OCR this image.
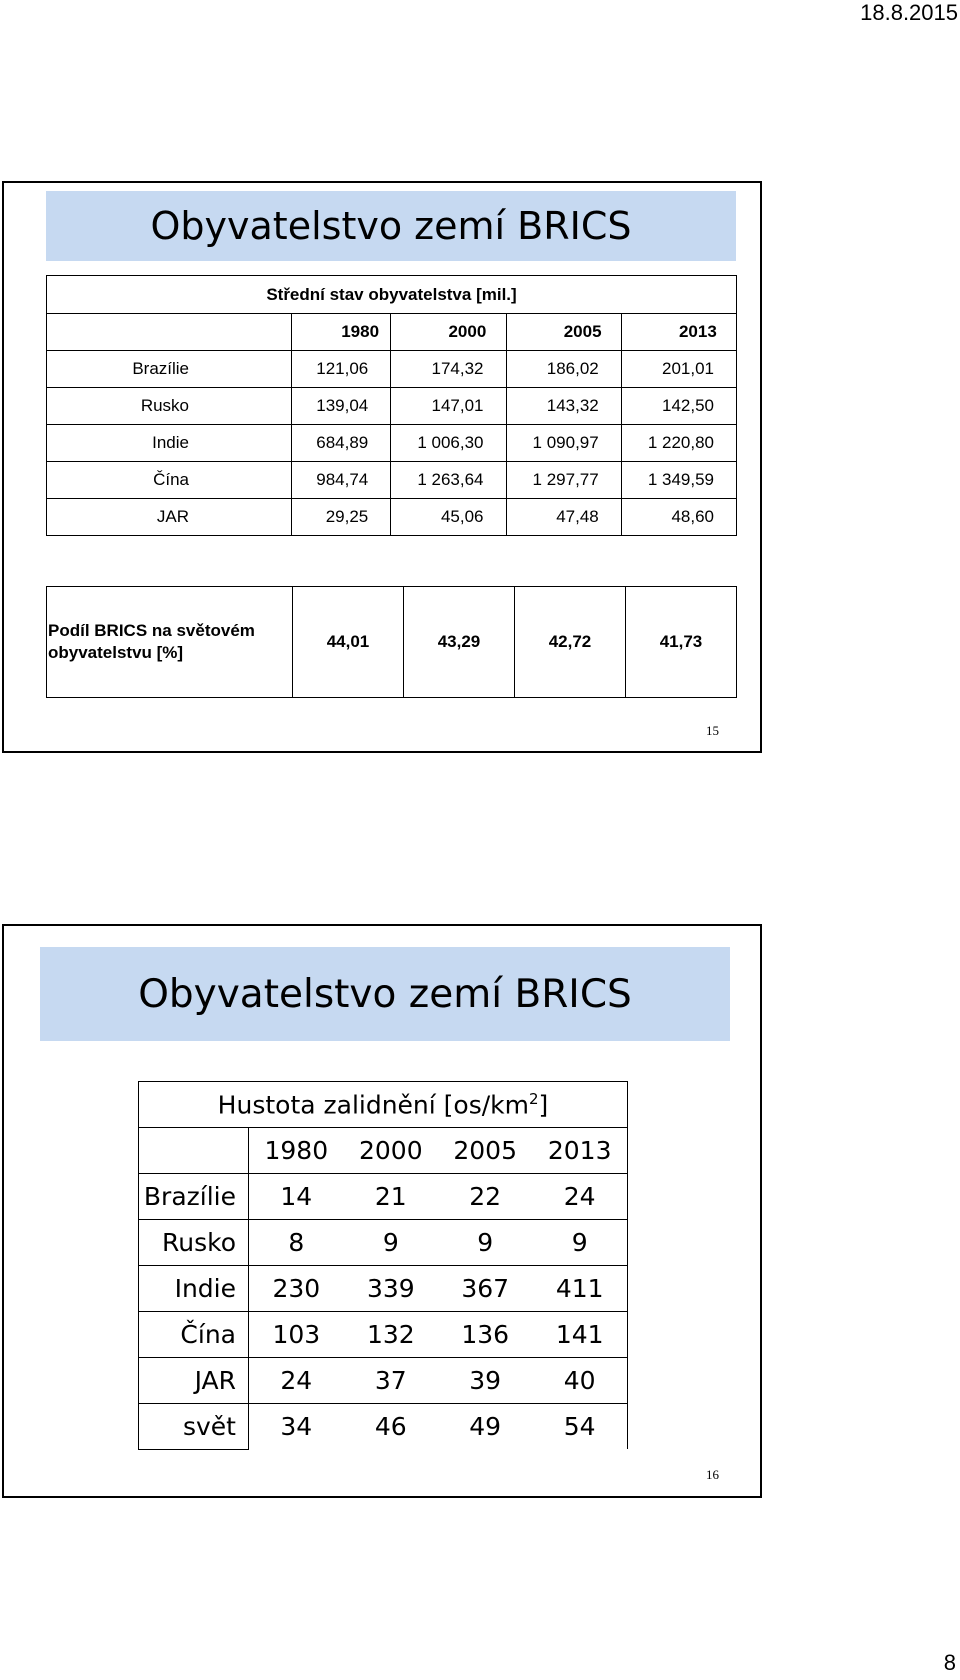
18.8.2015
Obyvatelstvo zemí BRICS
Střední stav obyvatelstva [mil.]				
	1980	2000	2005	2013
Brazílie	121,06	174,32	186,02	201,01
Rusko	139,04	147,01	143,32	142,50
Indie	684,89	1 006,30	1 090,97	1 220,80
Čína	984,74	1 263,64	1 297,77	1 349,59
JAR	29,25	45,06	47,48	48,60
Podíl BRICS na světovém
obyvatelstvu [%]
	44,01	43,29	42,72	41,73
15
Obyvatelstvo zemí BRICS
Hustota zalidnění $[os/km^2]$				
	1980	2000	2005	2013
Brazílie	14	21	22	24
Rusko	8	9	9	9
Indie	230	339	367	411
Čína	103	132	136	141
JAR	24	37	39	40
svět	34	46	49	54
16
8
